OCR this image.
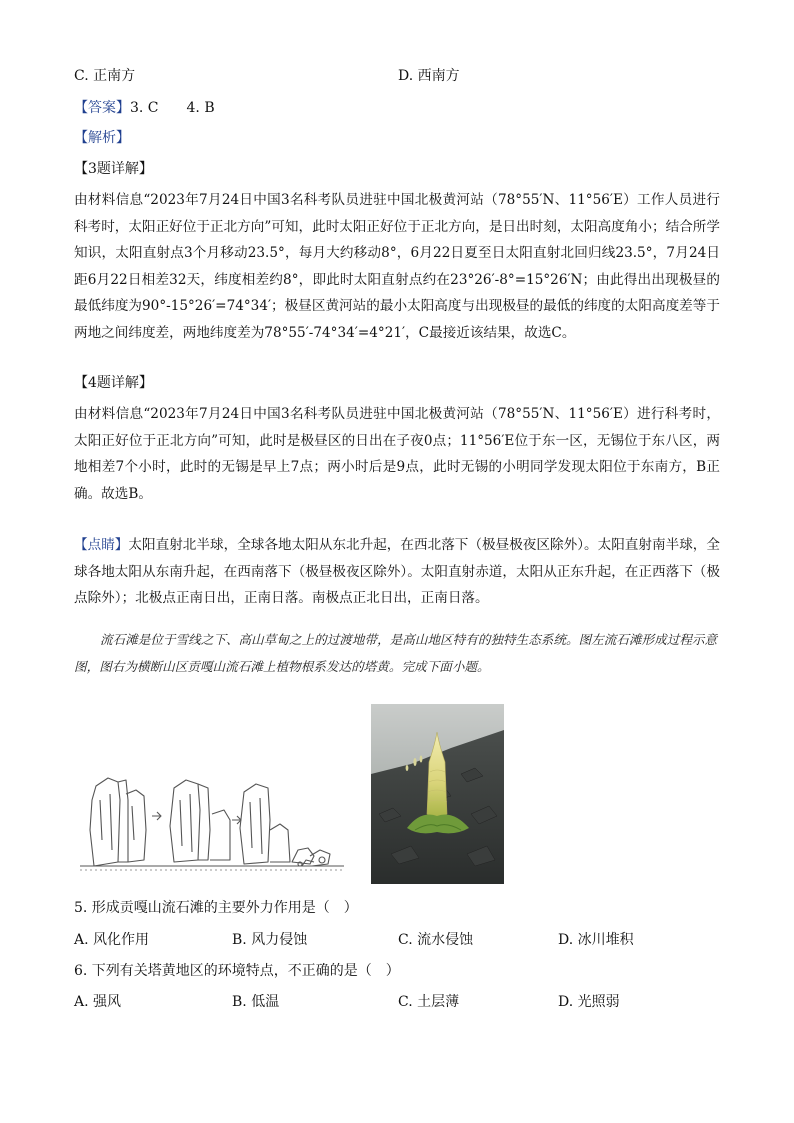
C. 正南方	D. 西南方
【答案】3. C　　4. B
【解析】
【3题详解】
由材料信息“2023年7月24日中国3名科考队员进驻中国北极黄河站（78°55′N、11°56′E）工作人员进行科考时，太阳正好位于正北方向”可知，此时太阳正好位于正北方向，是日出时刻，太阳高度角小；结合所学知识，太阳直射点3个月移动23.5°，每月大约移动8°，6月22日夏至日太阳直射北回归线23.5°，7月24日距6月22日相差32天，纬度相差约8°，即此时太阳直射点约在23°26′-8°=15°26′N；由此得出出现极昼的最低纬度为90°-15°26′=74°34′；极昼区黄河站的最小太阳高度与出现极昼的最低的纬度的太阳高度差等于两地之间纬度差，两地纬度差为78°55′-74°34′=4°21′，C最接近该结果，故选C。
【4题详解】
由材料信息“2023年7月24日中国3名科考队员进驻中国北极黄河站（78°55′N、11°56′E）进行科考时，太阳正好位于正北方向”可知，此时是极昼区的日出在子夜0点；11°56′E位于东一区，无锡位于东八区，两地相差7个小时，此时的无锡是早上7点；两小时后是9点，此时无锡的小明同学发现太阳位于东南方，B正确。故选B。
【点睛】太阳直射北半球，全球各地太阳从东北升起，在西北落下（极昼极夜区除外）。太阳直射南半球，全球各地太阳从东南升起，在西南落下（极昼极夜区除外）。太阳直射赤道，太阳从正东升起，在正西落下（极点除外）；北极点正南日出，正南日落。南极点正北日出，正南日落。
流石滩是位于雪线之下、高山草甸之上的过渡地带，是高山地区特有的独特生态系统。图左流石滩形成过程示意图，图右为横断山区贡嘎山流石滩上植物根系发达的塔黄。完成下面小题。
5. 形成贡嘎山流石滩的主要外力作用是（　）
A. 风化作用	B. 风力侵蚀	C. 流水侵蚀	D. 冰川堆积
6. 下列有关塔黄地区的环境特点，不正确的是（　）
A. 强风	B. 低温	C. 土层薄	D. 光照弱
